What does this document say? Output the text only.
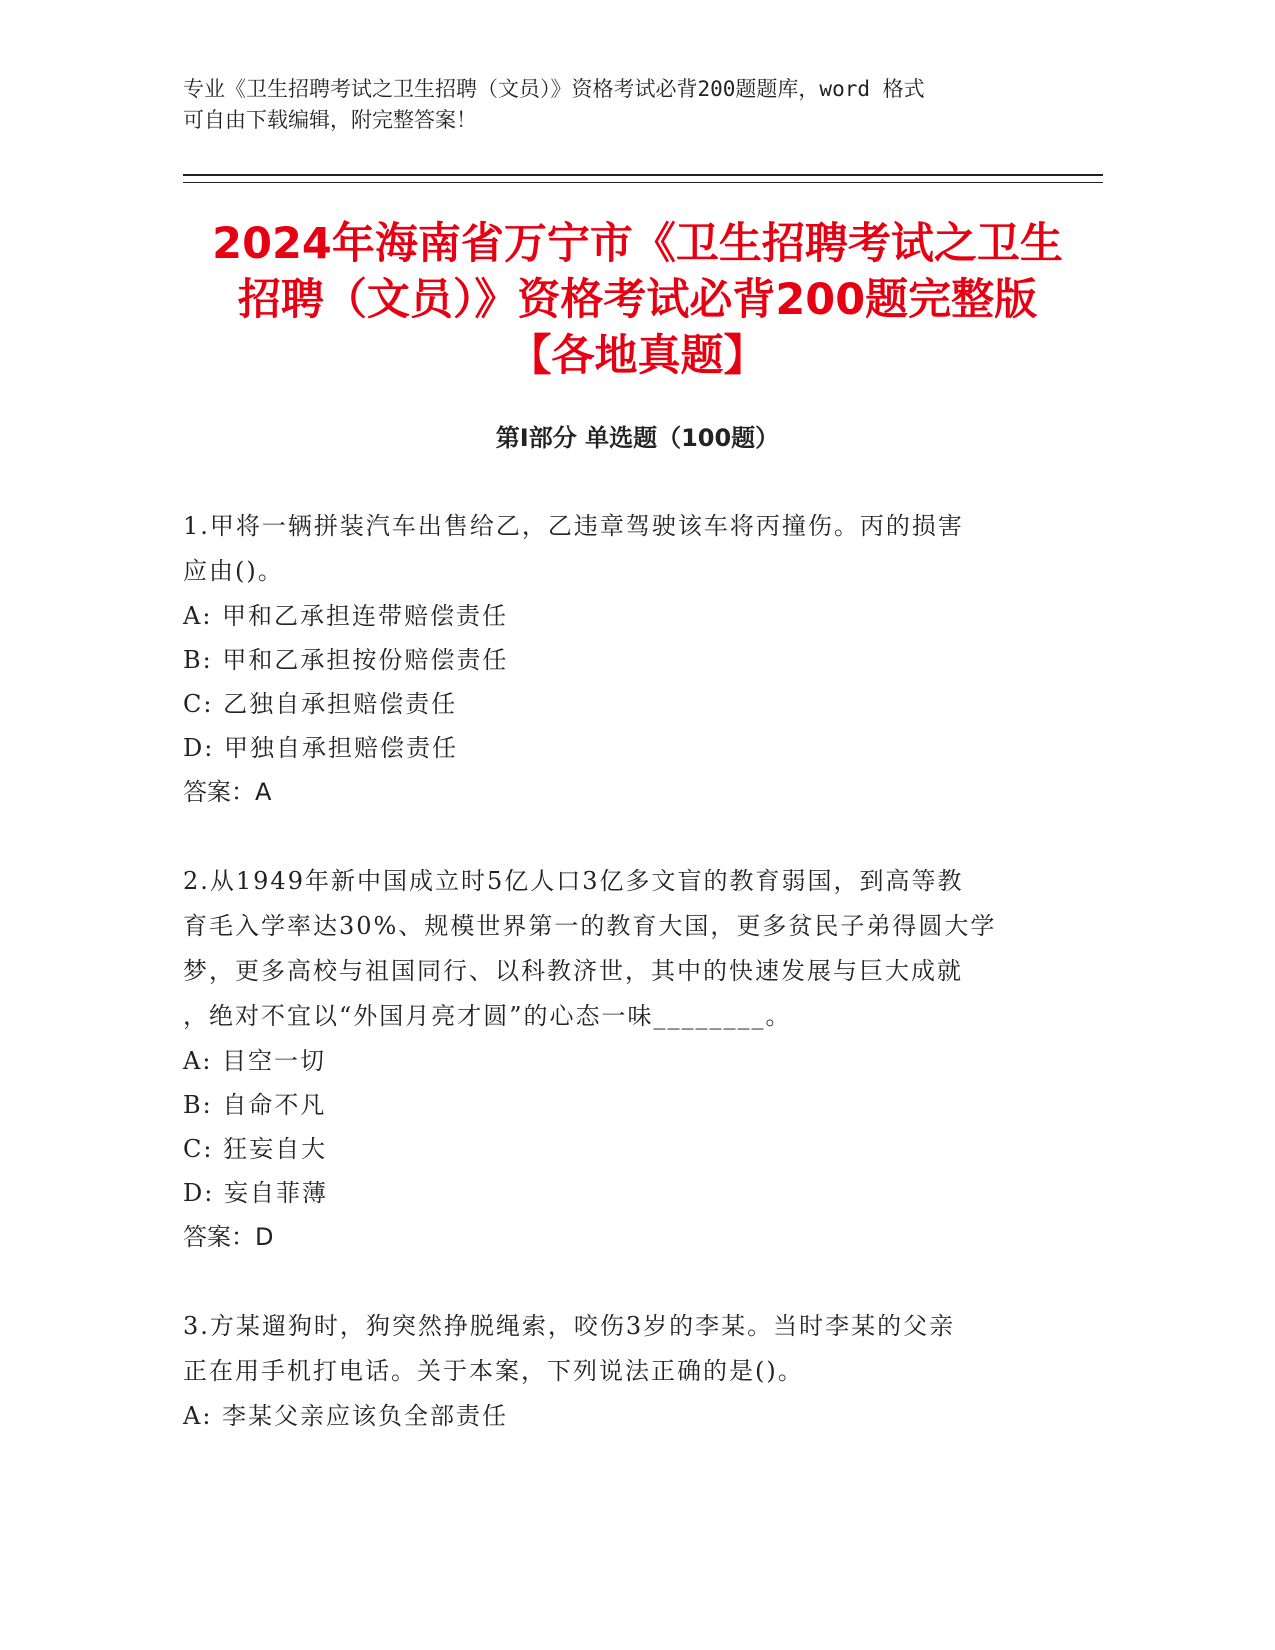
专业《卫生招聘考试之卫生招聘（文员）》资格考试必背200题题库，word 格式

可自由下载编辑，附完整答案！

2024年海南省万宁市《卫生招聘考试之卫生
招聘（文员）》资格考试必背200题完整版
【各地真题】
第Ⅰ部分 单选题（100题）

1.甲将一辆拼装汽车出售给乙，乙违章驾驶该车将丙撞伤。丙的损害

应由()。

A: 甲和乙承担连带赔偿责任

B: 甲和乙承担按份赔偿责任

C: 乙独自承担赔偿责任

D: 甲独自承担赔偿责任

答案：A

2.从1949年新中国成立时5亿人口3亿多文盲的教育弱国，到高等教

育毛入学率达30%、规模世界第一的教育大国，更多贫民子弟得圆大学

梦，更多高校与祖国同行、以科教济世，其中的快速发展与巨大成就

，绝对不宜以“外国月亮才圆”的心态一味________。

A: 目空一切

B: 自命不凡

C: 狂妄自大

D: 妄自菲薄

答案：D

3.方某遛狗时，狗突然挣脱绳索，咬伤3岁的李某。当时李某的父亲

正在用手机打电话。关于本案，下列说法正确的是()。

A: 李某父亲应该负全部责任
